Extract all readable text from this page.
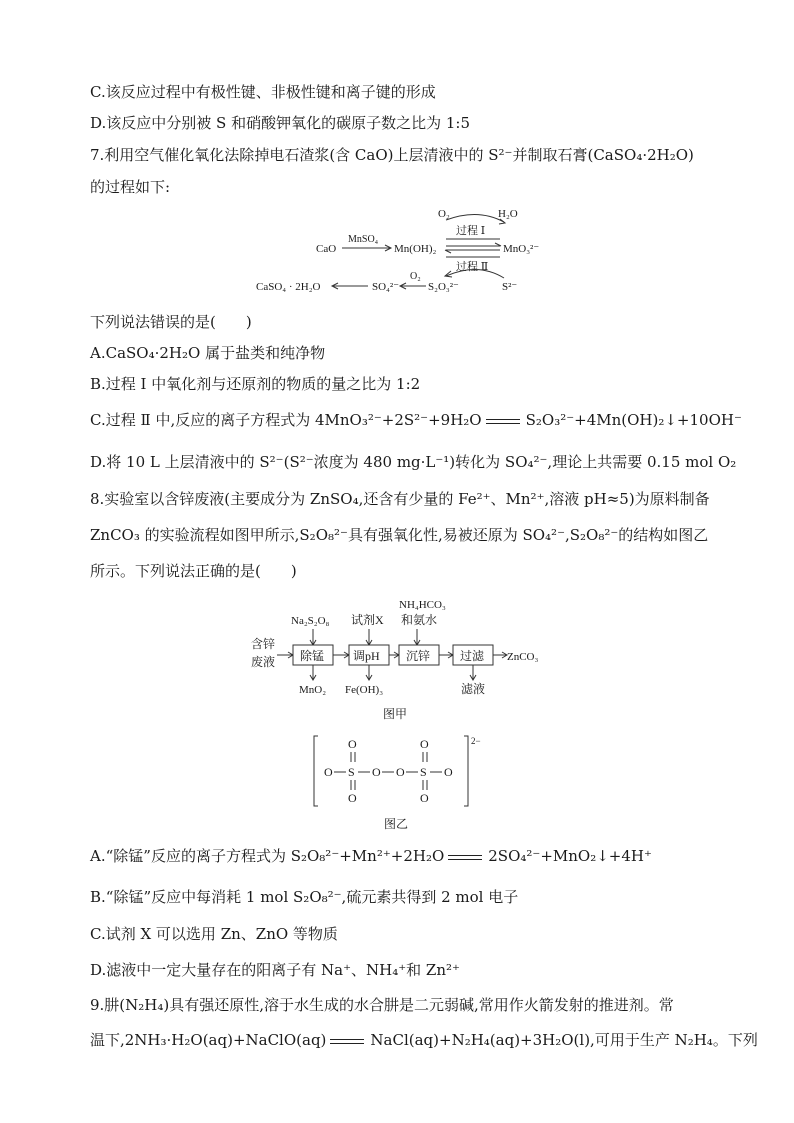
C.该反应过程中有极性键、非极性键和离子键的形成
D.该反应中分别被 S 和硝酸钾氧化的碳原子数之比为 1:5
7.利用空气催化氧化法除掉电石渣浆(含 CaO)上层清液中的 S²⁻并制取石膏(CaSO₄·2H₂O)
的过程如下:
O₂	H₂O
过程 Ⅰ
CaO
MnSO₄
Mn(OH)₂	MnO₃²⁻
过程 Ⅱ
CaSO₄ · 2H₂O	SO₄²⁻
O₂
S₂O₃²⁻	S²⁻
下列说法错误的是(　　)
A.CaSO₄·2H₂O 属于盐类和纯净物
B.过程 Ⅰ 中氧化剂与还原剂的物质的量之比为 1:2
C.过程 Ⅱ 中,反应的离子方程式为 4MnO₃²⁻+2S²⁻+9H₂O	S₂O₃²⁻+4Mn(OH)₂↓+10OH⁻
D.将 10 L 上层清液中的 S²⁻(S²⁻浓度为 480 mg·L⁻¹)转化为 SO₄²⁻,理论上共需要 0.15 mol O₂
8.实验室以含锌废液(主要成分为 ZnSO₄,还含有少量的 Fe²⁺、Mn²⁺,溶液 pH≈5)为原料制备
ZnCO₃ 的实验流程如图甲所示,S₂O₈²⁻具有强氧化性,易被还原为 SO₄²⁻,S₂O₈²⁻的结构如图乙
所示。下列说法正确的是(　　)
Na₂S₂O₈ 试剂X
NH₄HCO₃
和氨水
含锌
废液 除锰 调pH 沉锌 过滤 ZnCO₃
MnO₂ Fe(OH)₃	滤液
图甲
2−
O
O S O O S O
O
O	O
图乙
A.“除锰”反应的离子方程式为 S₂O₈²⁻+Mn²⁺+2H₂O	2SO₄²⁻+MnO₂↓+4H⁺
B.“除锰”反应中每消耗 1 mol S₂O₈²⁻,硫元素共得到 2 mol 电子
C.试剂 X 可以选用 Zn、ZnO 等物质
D.滤液中一定大量存在的阳离子有 Na⁺、NH₄⁺和 Zn²⁺
9.肼(N₂H₄)具有强还原性,溶于水生成的水合肼是二元弱碱,常用作火箭发射的推进剂。常
温下,2NH₃·H₂O(aq)+NaClO(aq)	NaCl(aq)+N₂H₄(aq)+3H₂O(l),可用于生产 N₂H₄。下列
